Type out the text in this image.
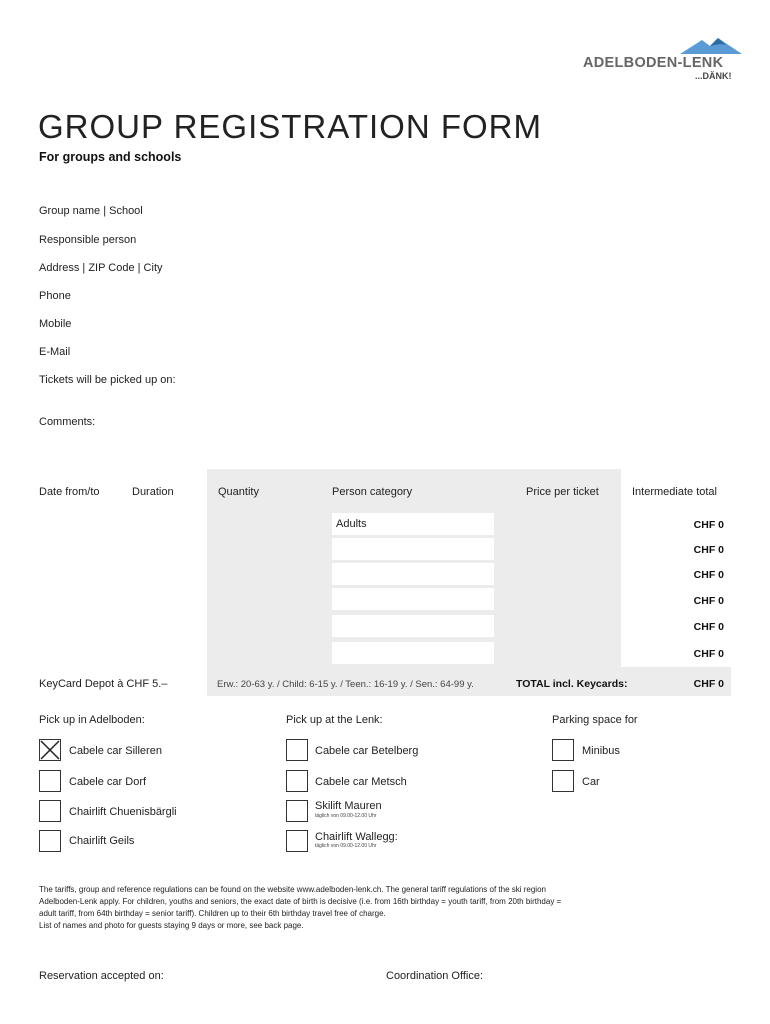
ADELBODEN-LENK
...DÄNK!
GROUP REGISTRATION FORM
For groups and schools
Group name | School
Responsible person
Address | ZIP Code | City
Phone
Mobile
E-Mail
Tickets will be picked up on:
Comments:
Date from/to	Duration	Quantity	Person category	Price per ticket	Intermediate total
Adults	CHF 0
CHF 0
CHF 0
CHF 0
CHF 0
CHF 0
KeyCard Depot à CHF 5.–	Erw.: 20-63 y. / Child: 6-15 y. / Teen.: 16-19 y. / Sen.: 64-99 y.	TOTAL incl. Keycards:	CHF 0
Pick up in Adelboden:	Pick up at the Lenk:	Parking space for
Cabele car Silleren
Cabele car Dorf
Chairlift Chuenisbärgli
Chairlift Geils
Cabele car Betelberg
Cabele car Metsch
Skilift Mauren
täglich von 09.00-12.00 Uhr
Chairlift Wallegg:
täglich von 09.00-12.00 Uhr
Minibus
Car
The tariffs, group and reference regulations can be found on the website www.adelboden-lenk.ch. The general tariff regulations of the ski region
Adelboden-Lenk apply. For children, youths and seniors, the exact date of birth is decisive (i.e. from 16th birthday = youth tariff, from 20th birthday =
adult tariff, from 64th birthday = senior tariff). Children up to their 6th birthday travel free of charge.
List of names and photo for guests staying 9 days or more, see back page.
Reservation accepted on:	Coordination Office:
